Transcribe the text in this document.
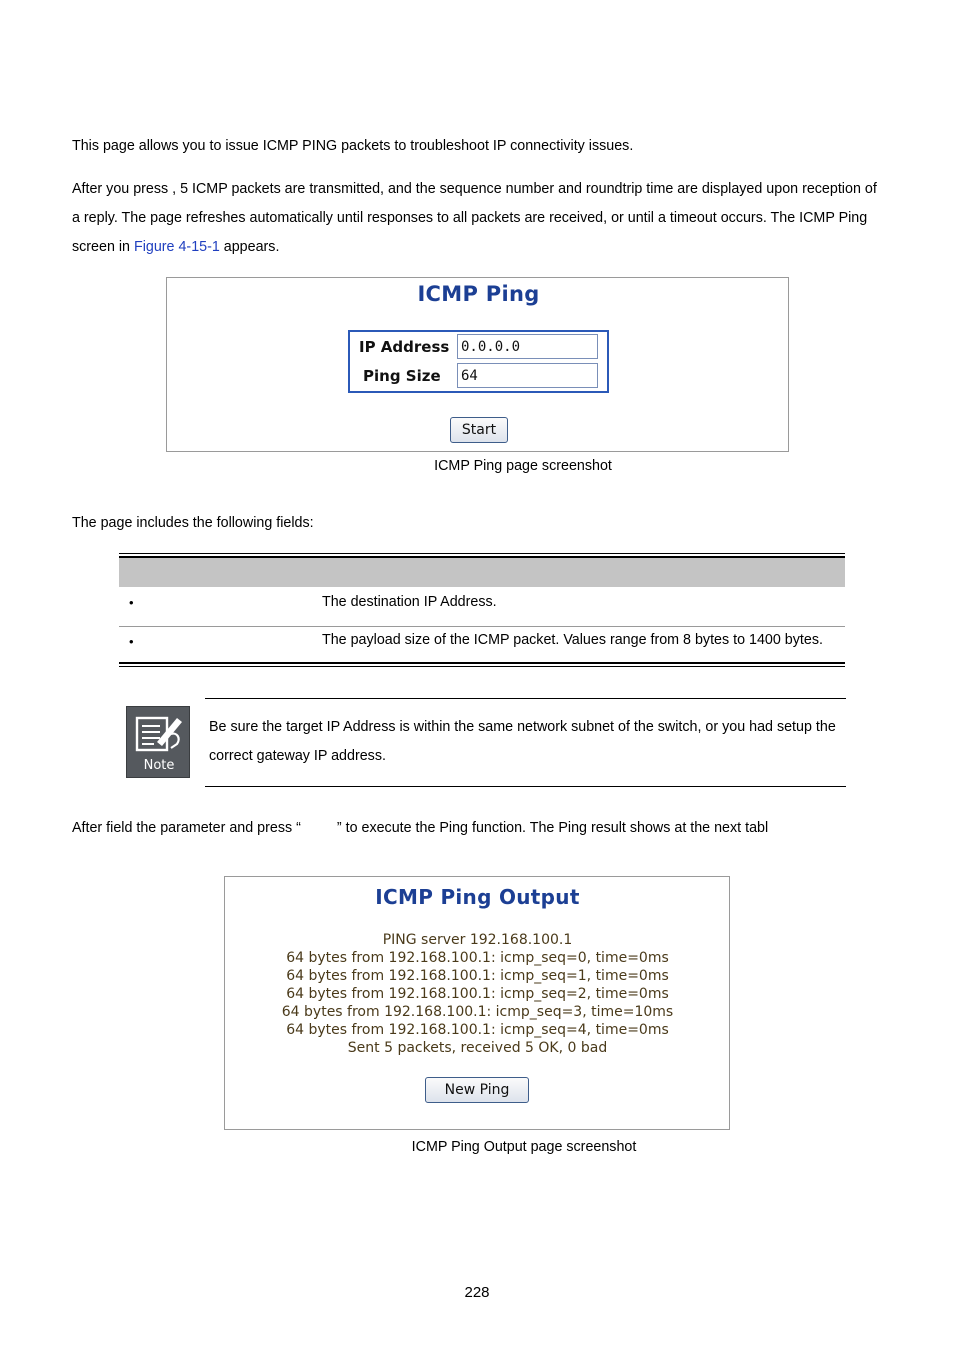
This page allows you to issue ICMP PING packets to troubleshoot IP connectivity issues.
After you press , 5 ICMP packets are transmitted, and the sequence number and roundtrip time are displayed upon reception of
a reply. The page refreshes automatically until responses to all packets are received, or until a timeout occurs. The ICMP Ping
screen in Figure 4-15-1 appears.
ICMP Ping
IP Address
0.0.0.0
Ping Size
64
Start
ICMP Ping page screenshot
The page includes the following fields:
•	The destination IP Address.
•	The payload size of the ICMP packet. Values range from 8 bytes to 1400 bytes.
Note
Be sure the target IP Address is within the same network subnet of the switch, or you had setup the
correct gateway IP address.
After field the parameter and press “	” to execute the Ping function. The Ping result shows at the next tabl
ICMP Ping Output
PING server 192.168.100.1
64 bytes from 192.168.100.1: icmp_seq=0, time=0ms
64 bytes from 192.168.100.1: icmp_seq=1, time=0ms
64 bytes from 192.168.100.1: icmp_seq=2, time=0ms
64 bytes from 192.168.100.1: icmp_seq=3, time=10ms
64 bytes from 192.168.100.1: icmp_seq=4, time=0ms
Sent 5 packets, received 5 OK, 0 bad
New Ping
ICMP Ping Output page screenshot
228
